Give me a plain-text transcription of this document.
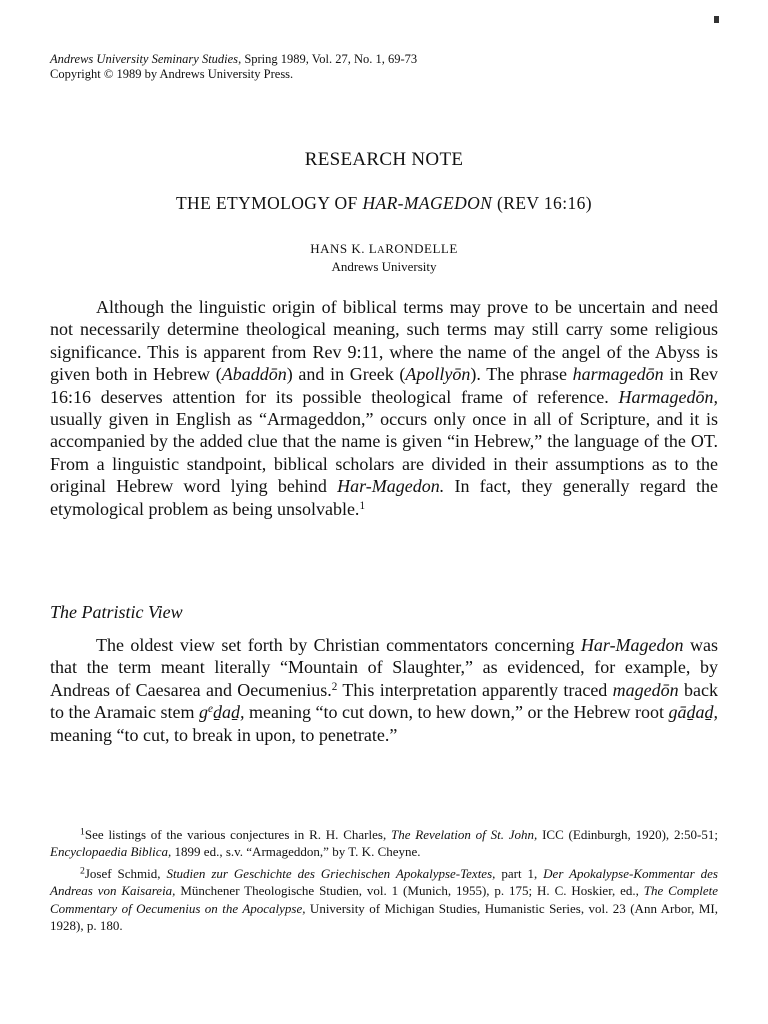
Andrews University Seminary Studies, Spring 1989, Vol. 27, No. 1, 69-73
Copyright © 1989 by Andrews University Press.
RESEARCH NOTE
THE ETYMOLOGY OF HAR-MAGEDON (REV 16:16)
HANS K. LARONDELLE
Andrews University

Although the linguistic origin of biblical terms may prove to be uncertain and need not necessarily determine theological meaning, such terms may still carry some religious significance. This is apparent from Rev 9:11, where the name of the angel of the Abyss is given both in Hebrew (Abaddōn) and in Greek (Apollyōn). The phrase harmagedōn in Rev 16:16 deserves attention for its possible theological frame of reference. Harmagedōn, usually given in English as “Armageddon,” occurs only once in all of Scripture, and it is accompanied by the added clue that the name is given “in Hebrew,” the language of the OT. From a linguistic standpoint, biblical scholars are divided in their assumptions as to the original Hebrew word lying behind Har-Magedon. In fact, they generally regard the etymological problem as being unsolvable.$^1$

The Patristic View

The oldest view set forth by Christian commentators concerning Har-Magedon was that the term meant literally “Mountain of Slaughter,” as evidenced, for example, by Andreas of Caesarea and Oecumenius.$^2$ This interpretation apparently traced magedōn back to the Aramaic stem $g^eḏaḏ$, meaning “to cut down, to hew down,” or the Hebrew root gāḏaḏ, meaning “to cut, to break in upon, to penetrate.”

$^1$See listings of the various conjectures in R. H. Charles, The Revelation of St. John, ICC (Edinburgh, 1920), 2:50-51; Encyclopaedia Biblica, 1899 ed., s.v. “Armageddon,” by T. K. Cheyne.

$^2$Josef Schmid, Studien zur Geschichte des Griechischen Apokalypse-Textes, part 1, Der Apokalypse-Kommentar des Andreas von Kaisareia, Münchener Theologische Studien, vol. 1 (Munich, 1955), p. 175; H. C. Hoskier, ed., The Complete Commentary of Oecumenius on the Apocalypse, University of Michigan Studies, Humanistic Series, vol. 23 (Ann Arbor, MI, 1928), p. 180.
